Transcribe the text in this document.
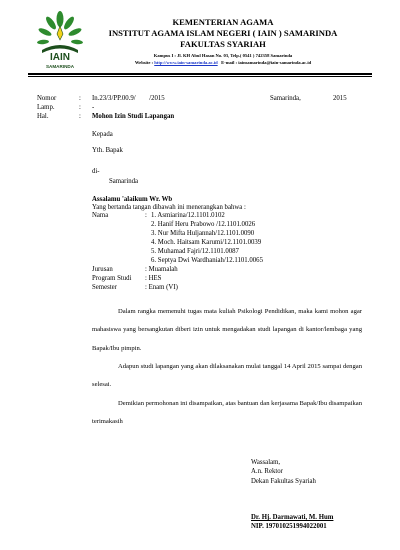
IAIN
SAMARINDA
KEMENTERIAN AGAMA
INSTITUT AGAMA ISLAM NEGERI ( IAIN ) SAMARINDA
FAKULTAS SYARIAH
Kampus I : Jl. KH Abul Hasan No. 03, Telp.( 0541 ) 742358 Samarinda
Website : http://www.iain-samarinda.ac.id E-mail : iainsamarinda@iain-samarinda.ac.id
Nomor	: In.23/3/PP.00.9/        /2015	Samarinda,	2015
Lamp.	: -
Hal.	: Mohon Izin Studi Lapangan
Kepada
Yth. Bapak
di-
Samarinda
Assalamu 'alaikum Wr. Wb
Yang bertanda tangan dibawah ini menerangkan bahwa :
Nama	: 1. Asmiarina/12.1101.0102
2. Hanif Heru Prabowo /12.1101.0026
3. Nur Mifta Huljannah/12.1101.0090
4. Moch. Haitsam Karumi/12.1101.0039
5. Muhamad Fajri/12.1101.0087
6. Septya Dwi Wardhaniah/12.1101.0065
Jurusan	: Muamalah
Program Studi : HES
Semester	: Enam (VI)
Dalam rangka memenuhi tugas mata kuliah Psikologi Pendidikan, maka kami mohon agar mahasiswa yang bersangkutan diberi izin untuk mengadakan studi lapangan di kantor/lembaga yang Bapak/Ibu pimpin.
Adapun studi lapangan yang akan dilaksanakan mulai tanggal 14 April 2015 sampai dengan selesai.
Demikian permohonan ini disampaikan, atas bantuan dan kerjasama Bapak/Ibu disampaikan terimakasih
Wassalam,
A.n. Rektor
Dekan Fakultas Syariah
Dr. Hj. Darmawati, M. Hum
NIP. 197010251994022001
